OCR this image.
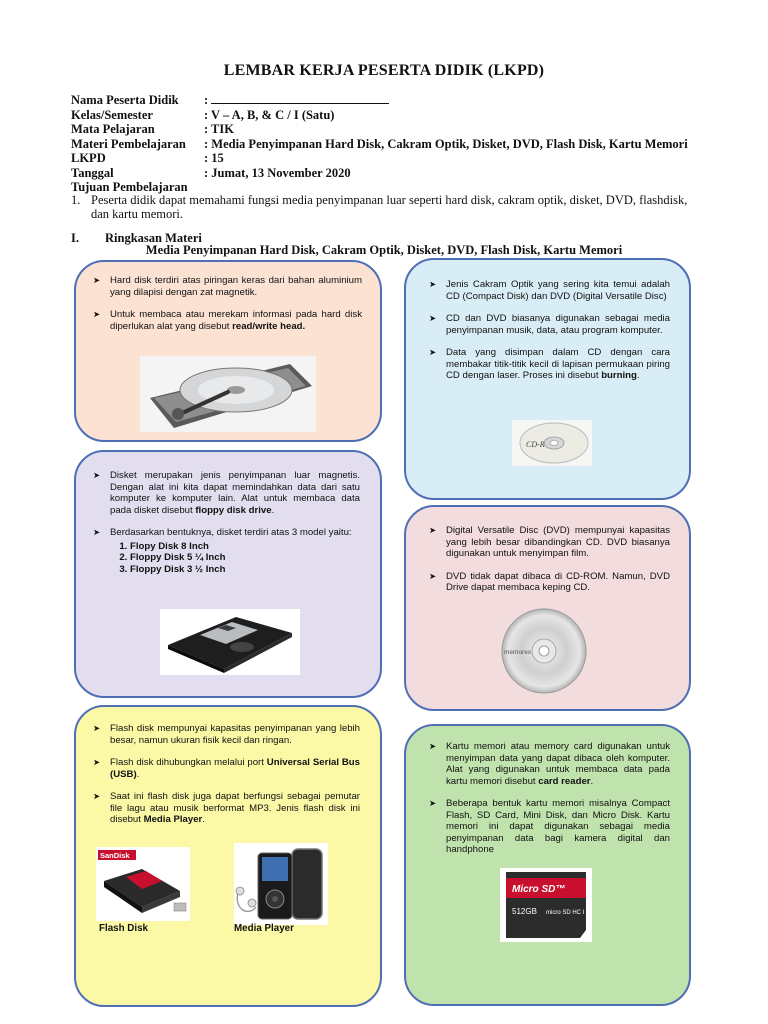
LEMBAR KERJA PESERTA DIDIK (LKPD)
Nama Peserta Didik	:
Kelas/Semester	: V – A, B, & C / I (Satu)
Mata Pelajaran	: TIK
Materi Pembelajaran	: Media Penyimpanan Hard Disk, Cakram Optik, Disket, DVD, Flash Disk, Kartu Memori
LKPD	: 15
Tanggal	: Jumat, 13 November 2020
Tujuan Pembelajaran
1. Peserta didik dapat memahami fungsi media penyimpanan luar seperti hard disk, cakram optik, disket, DVD, flashdisk, dan kartu memori.
I. Ringkasan Materi
Media Penyimpanan Hard Disk, Cakram Optik, Disket, DVD, Flash Disk, Kartu Memori
➤ Hard disk terdiri atas piringan keras dari bahan aluminium yang dilapisi dengan zat magnetik.
➤ Untuk membaca atau merekam informasi pada hard disk diperlukan alat yang disebut read/write head.
➤ Jenis Cakram Optik yang sering kita temui adalah CD (Compact Disk) dan DVD (Digital Versatile Disc)
➤ CD dan DVD biasanya digunakan sebagai media penyimpanan musik, data, atau program komputer.
➤ Data yang disimpan dalam CD dengan cara membakar titik-titik kecil di lapisan permukaan piring CD dengan laser. Proses ini disebut burning.
CD-R
➤ Disket merupakan jenis penyimpanan luar magnetis. Dengan alat ini kita dapat memindahkan data dari satu komputer ke komputer lain. Alat untuk membaca data pada disket disebut floppy disk drive.
➤ Berdasarkan bentuknya, disket terdiri atas 3 model yaitu:
1. Flopy Disk 8 Inch
2. Floppy Disk 5 ¼ Inch
3. Floppy Disk 3 ½ Inch
➤ Digital Versatile Disc (DVD) mempunyai kapasitas yang lebih besar dibandingkan CD. DVD biasanya digunakan untuk menyimpan film.
➤ DVD tidak dapat dibaca di CD-ROM. Namun, DVD Drive dapat membaca keping CD.
memorex
➤ Flash disk mempunyai kapasitas penyimpanan yang lebih besar, namun ukuran fisik kecil dan ringan.
➤ Flash disk dihubungkan melalui port Universal Serial Bus (USB).
➤ Saat ini flash disk juga dapat berfungsi sebagai pemutar file lagu atau musik berformat MP3. Jenis flash disk ini disebut Media Player.
SanDisk
Flash Disk	Media Player
➤ Kartu memori atau memory card digunakan untuk menyimpan data yang dapat dibaca oleh komputer. Alat yang digunakan untuk membaca data pada kartu memori disebut card reader.
➤ Beberapa bentuk kartu memori misalnya Compact Flash, SD Card, Mini Disk, dan Micro Disk. Kartu memori ini dapat digunakan sebagai media penyimpanan data bagi kamera digital dan handphone
Micro SD™
512GB micro SD HC I
